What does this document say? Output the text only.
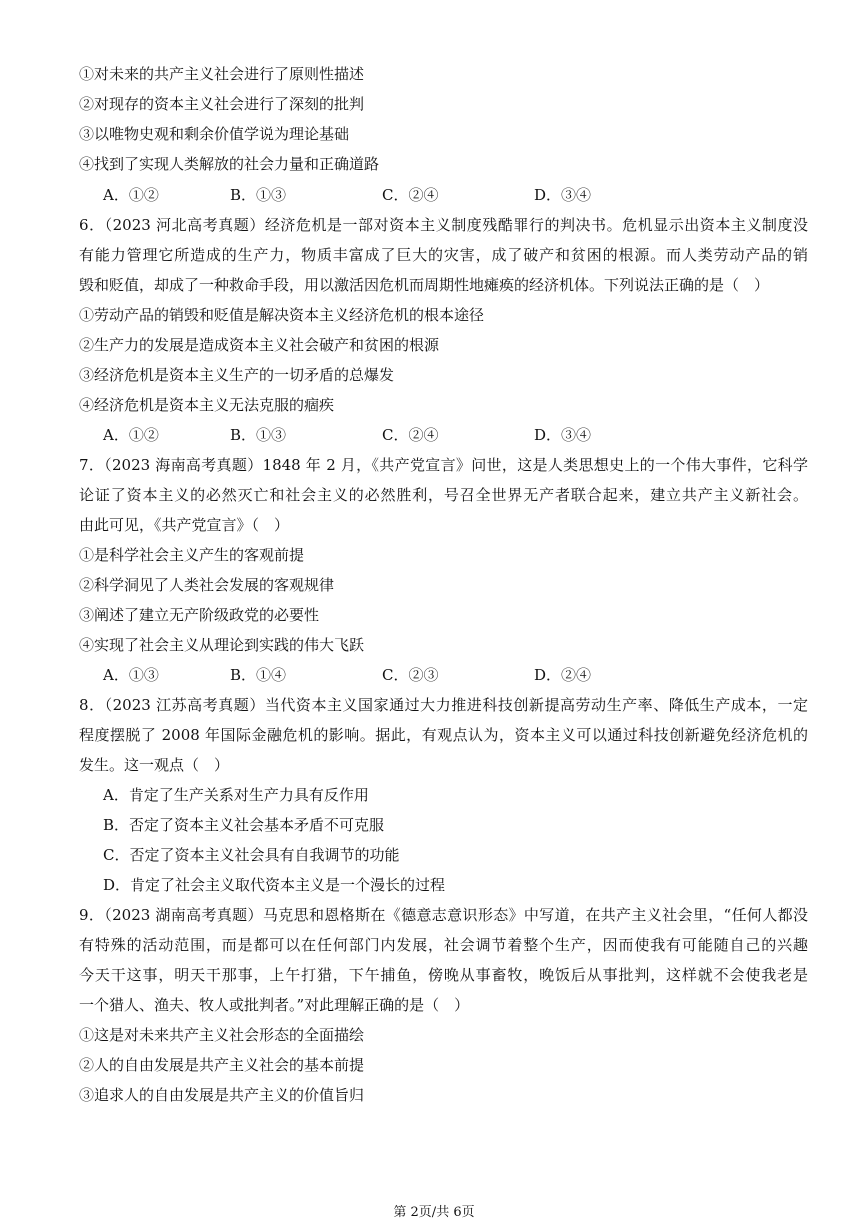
①对未来的共产主义社会进行了原则性描述
②对现存的资本主义社会进行了深刻的批判
③以唯物史观和剩余价值学说为理论基础
④找到了实现人类解放的社会力量和正确道路
A．①②	B．①③	C．②④	D．③④
6．（2023 河北高考真题）经济危机是一部对资本主义制度残酷罪行的判决书。危机显示出资本主义制度没
有能力管理它所造成的生产力，物质丰富成了巨大的灾害，成了破产和贫困的根源。而人类劳动产品的销
毁和贬值，却成了一种救命手段，用以激活因危机而周期性地瘫痪的经济机体。下列说法正确的是（　）
①劳动产品的销毁和贬值是解决资本主义经济危机的根本途径
②生产力的发展是造成资本主义社会破产和贫困的根源
③经济危机是资本主义生产的一切矛盾的总爆发
④经济危机是资本主义无法克服的痼疾
A．①②	B．①③	C．②④	D．③④
7．（2023 海南高考真题）1848 年 2 月，《共产党宣言》问世，这是人类思想史上的一个伟大事件，它科学
论证了资本主义的必然灭亡和社会主义的必然胜利，号召全世界无产者联合起来，建立共产主义新社会。
由此可见，《共产党宣言》（　）
①是科学社会主义产生的客观前提
②科学洞见了人类社会发展的客观规律
③阐述了建立无产阶级政党的必要性
④实现了社会主义从理论到实践的伟大飞跃
A．①③	B．①④	C．②③	D．②④
8．（2023 江苏高考真题）当代资本主义国家通过大力推进科技创新提高劳动生产率、降低生产成本，一定
程度摆脱了 2008 年国际金融危机的影响。据此，有观点认为，资本主义可以通过科技创新避免经济危机的
发生。这一观点（　）
A．肯定了生产关系对生产力具有反作用
B．否定了资本主义社会基本矛盾不可克服
C．否定了资本主义社会具有自我调节的功能
D．肯定了社会主义取代资本主义是一个漫长的过程
9．（2023 湖南高考真题）马克思和恩格斯在《德意志意识形态》中写道，在共产主义社会里，“任何人都没
有特殊的活动范围，而是都可以在任何部门内发展，社会调节着整个生产，因而使我有可能随自己的兴趣
今天干这事，明天干那事，上午打猎，下午捕鱼，傍晚从事畜牧，晚饭后从事批判，这样就不会使我老是
一个猎人、渔夫、牧人或批判者。”对此理解正确的是（　）
①这是对未来共产主义社会形态的全面描绘
②人的自由发展是共产主义社会的基本前提
③追求人的自由发展是共产主义的价值旨归
第 2页/共 6页
